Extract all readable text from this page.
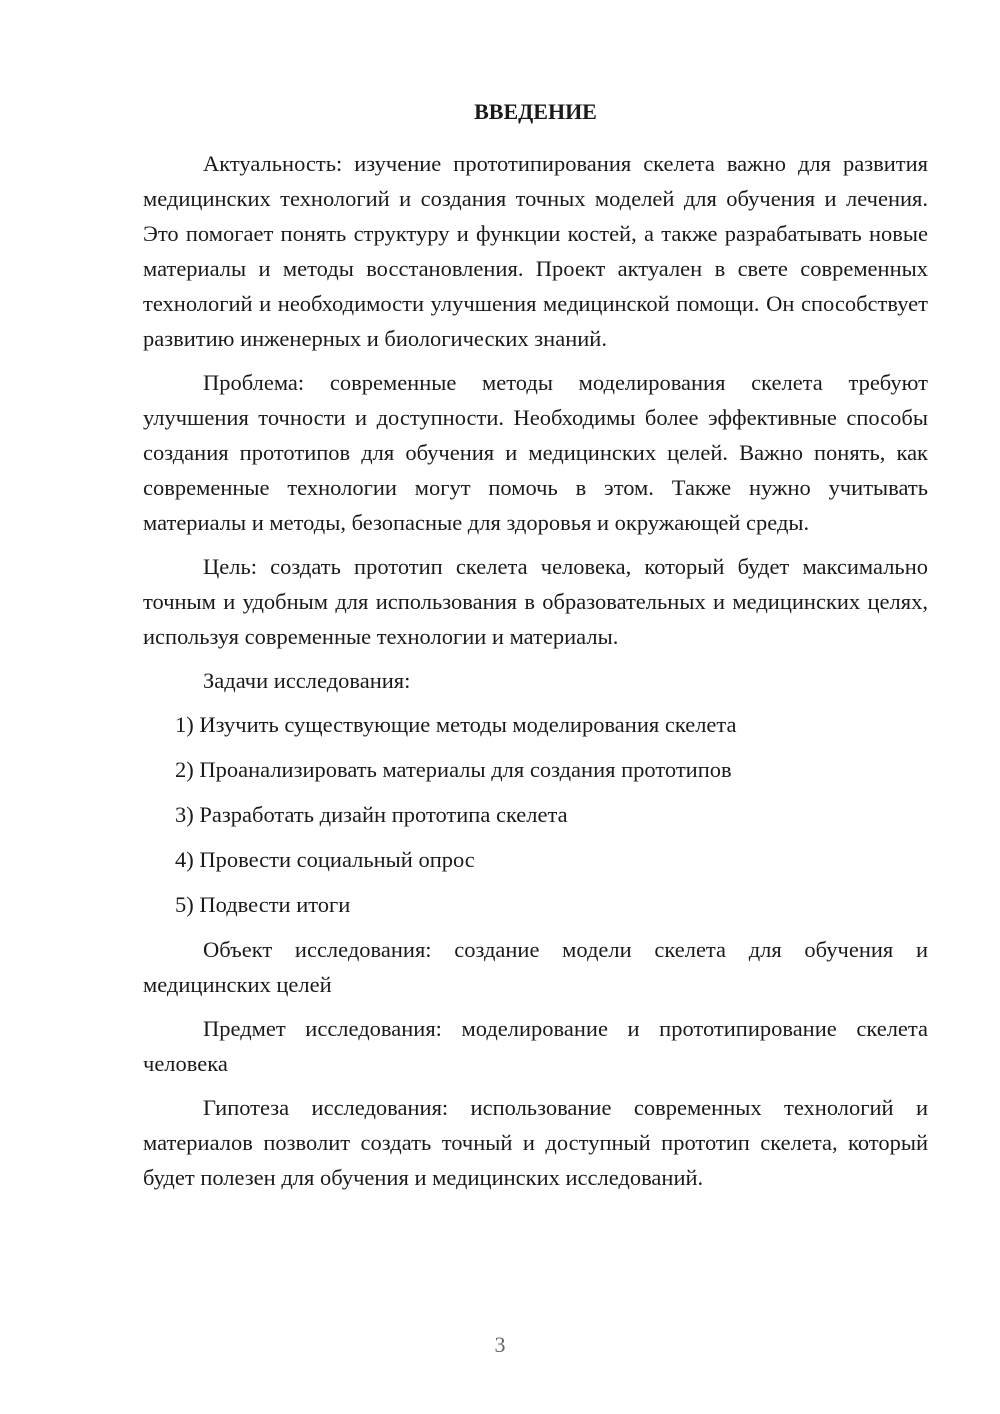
ВВЕДЕНИЕ

Актуальность: изучение прототипирования скелета важно для развития медицинских технологий и создания точных моделей для обучения и лечения. Это помогает понять структуру и функции костей, а также разрабатывать новые материалы и методы восстановления. Проект актуален в свете современных технологий и необходимости улучшения медицинской помощи. Он способствует развитию инженерных и биологических знаний.

Проблема: современные методы моделирования скелета требуют улучшения точности и доступности. Необходимы более эффективные способы создания прототипов для обучения и медицинских целей. Важно понять, как современные технологии могут помочь в этом. Также нужно учитывать материалы и методы, безопасные для здоровья и окружающей среды.

Цель: создать прототип скелета человека, который будет максимально точным и удобным для использования в образовательных и медицинских целях, используя современные технологии и материалы.

Задачи исследования:

1) Изучить существующие методы моделирования скелета
2) Проанализировать материалы для создания прототипов
3) Разработать дизайн прототипа скелета
4) Провести социальный опрос
5) Подвести итоги

Объект исследования: создание модели скелета для обучения и медицинских целей

Предмет исследования: моделирование и прототипирование скелета человека

Гипотеза исследования: использование современных технологий и материалов позволит создать точный и доступный прототип скелета, который будет полезен для обучения и медицинских исследований.

3
